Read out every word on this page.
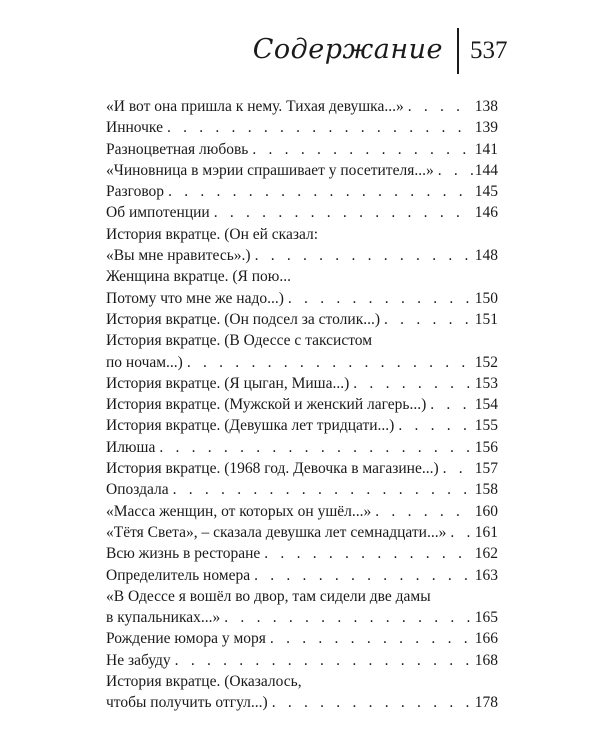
Содержание 537
«И вот она пришла к нему. Тихая девушка...» . . .	138
Инночке . . .	139
Разноцветная любовь . . .	141
«Чиновница в мэрии спрашивает у посетителя...» . . .	144
Разговор . . .	145
Об импотенции . . .	146
История вкратце. (Он ей сказал:
«Вы мне нравитесь».) . . .	148
Женщина вкратце. (Я пою...
Потому что мне же надо...) . . .	150
История вкратце. (Он подсел за столик...) . . .	151
История вкратце. (В Одессе с таксистом
по ночам...) . . .	152
История вкратце. (Я цыган, Миша...) . . .	153
История вкратце. (Мужской и женский лагерь...) . . .	154
История вкратце. (Девушка лет тридцати...) . . .	155
Илюша . . .	156
История вкратце. (1968 год. Девочка в магазине...) . . . 157
Опоздала . . .	158
«Масса женщин, от которых он ушёл...» . . .	160
«Тётя Света», – сказала девушка лет семнадцати...» . . . 161
Всю жизнь в ресторане . . .	162
Определитель номера . . .	163
«В Одессе я вошёл во двор, там сидели две дамы
в купальниках...» . . .	165
Рождение юмора у моря . . .	166
Не забуду . . .	168
История вкратце. (Оказалось,
чтобы получить отгул...) . . .	178
